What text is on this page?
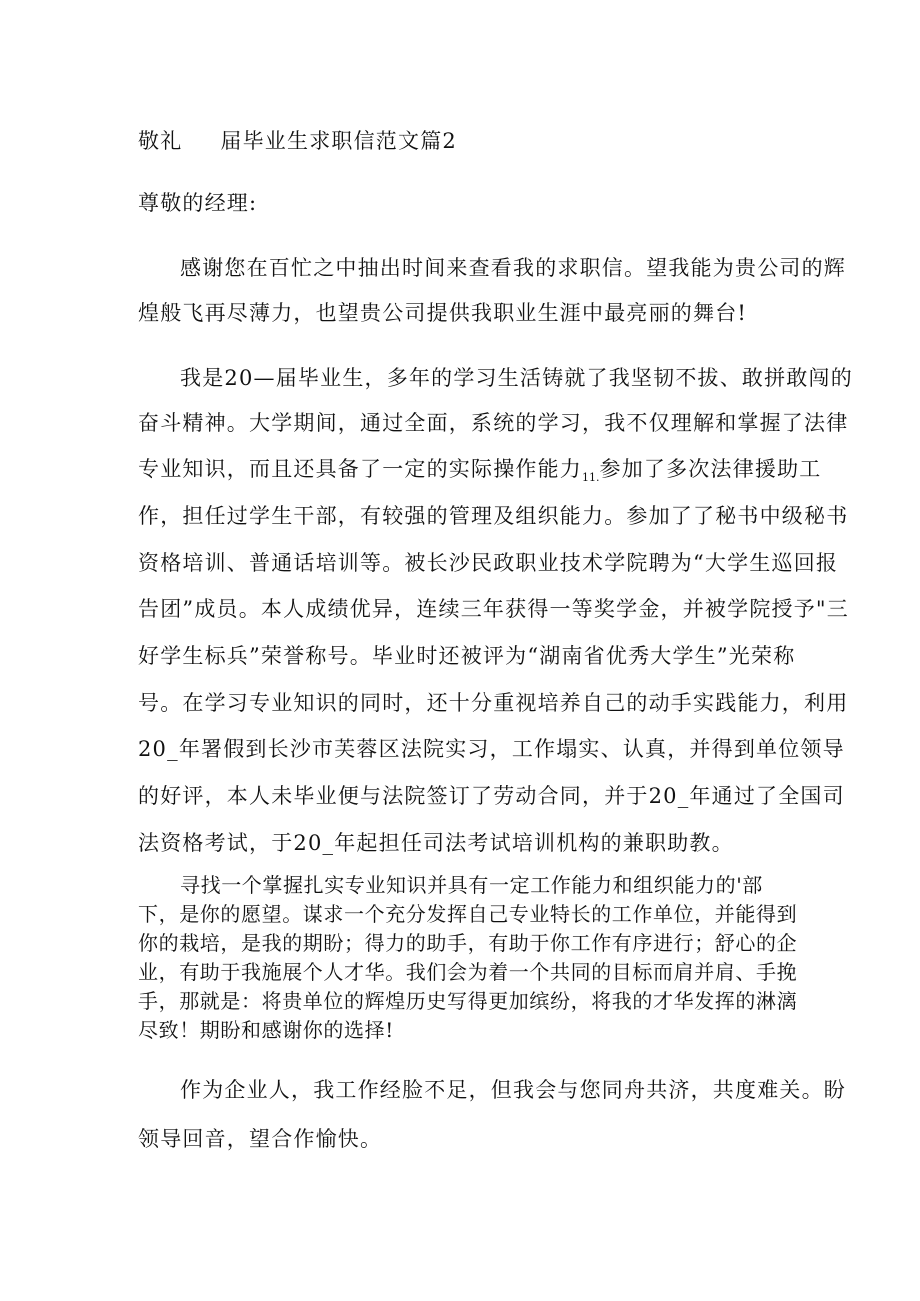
敬礼 届毕业生求职信范文篇2
尊敬的经理:
感谢您在百忙之中抽出时间来查看我的求职信。望我能为贵公司的辉
煌般飞再尽薄力，也望贵公司提供我职业生涯中最亮丽的舞台!
我是20—届毕业生，多年的学习生活铸就了我坚韧不拔、敢拼敢闯的
奋斗精神。大学期间，通过全面，系统的学习，我不仅理解和掌握了法律
专业知识，而且还具备了一定的实际操作能力$_{11.}$参加了多次法律援助工
作，担任过学生干部，有较强的管理及组织能力。参加了了秘书中级秘书
资格培训、普通话培训等。被长沙民政职业技术学院聘为“大学生巡回报
告团”成员。本人成绩优异，连续三年获得一等奖学金，并被学院授予"三
好学生标兵”荣誉称号。毕业时还被评为“湖南省优秀大学生”光荣称
号。在学习专业知识的同时，还十分重视培养自己的动手实践能力，利用
20_年署假到长沙市芙蓉区法院实习，工作塌实、认真，并得到单位领导
的好评，本人未毕业便与法院签订了劳动合同，并于20_年通过了全国司
法资格考试，于20_年起担任司法考试培训机构的兼职助教。
寻找一个掌握扎实专业知识并具有一定工作能力和组织能力的'部
下，是你的愿望。谋求一个充分发挥自己专业特长的工作单位，并能得到
你的栽培，是我的期盼；得力的助手，有助于你工作有序进行；舒心的企
业，有助于我施展个人才华。我们会为着一个共同的目标而肩并肩、手挽
手，那就是：将贵单位的辉煌历史写得更加缤纷，将我的才华发挥的淋漓
尽致！期盼和感谢你的选择!
作为企业人，我工作经脸不足，但我会与您同舟共济，共度难关。盼
领导回音，望合作愉快。
